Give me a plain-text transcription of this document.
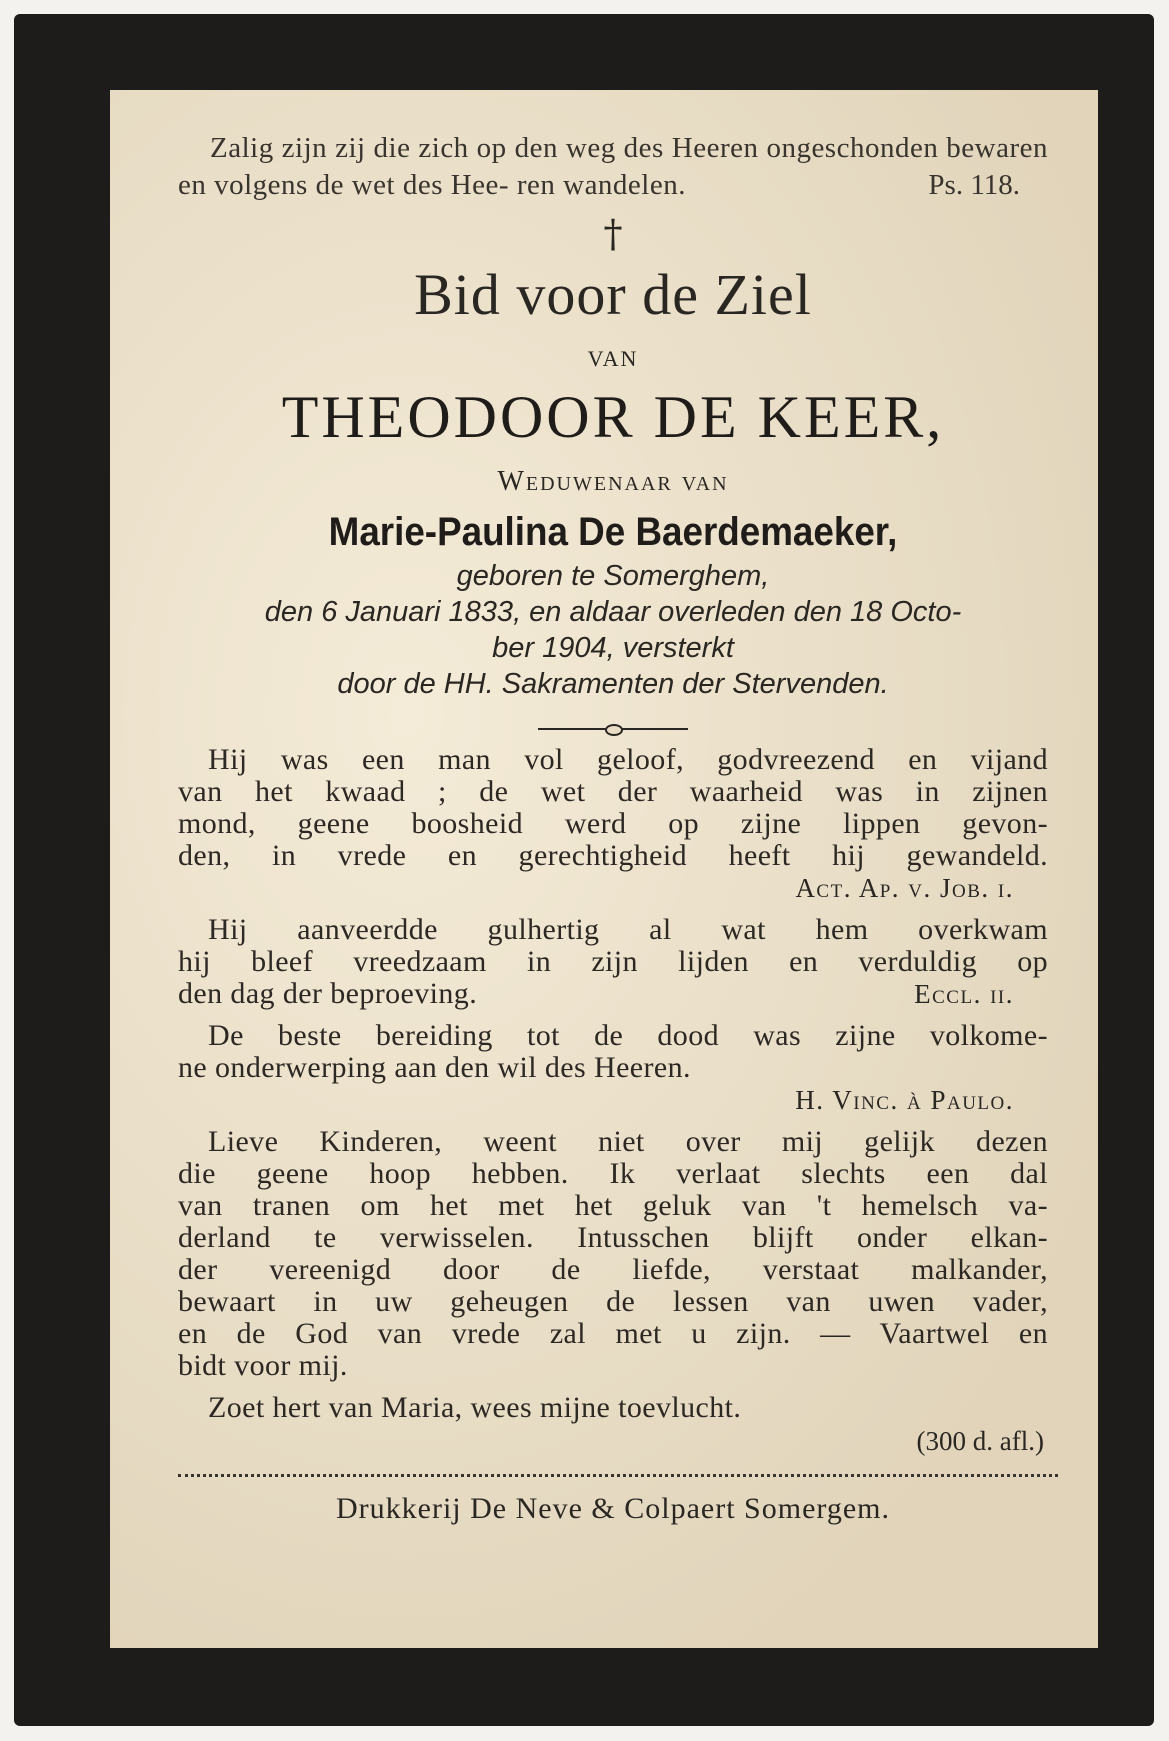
Zalig zijn zij die zich op den weg des Heeren ongeschonden bewaren en volgens de wet des Hee- ren wandelen.	Ps. 118.
†
Bid voor de Ziel
VAN
THEODOOR DE KEER,
Weduwenaar van
Marie-Paulina De Baerdemaeker,
geboren te Somerghem,
den 6 Januari 1833, en aldaar overleden den 18 Octo-
ber 1904, versterkt
door de HH. Sakramenten der Stervenden.
Hij was een man vol geloof, godvreezend en vijand
van het kwaad ; de wet der waarheid was in zijnen
mond, geene boosheid werd op zijne lippen gevon-
den, in vrede en gerechtigheid heeft hij gewandeld.
Act. Ap. v. Job. i.
Hij aanveerdde gulhertig al wat hem overkwam
hij bleef vreedzaam in zijn lijden en verduldig op
den dag der beproeving.	Eccl. ii.
De beste bereiding tot de dood was zijne volkome-
ne onderwerping aan den wil des Heeren.
H. Vinc. à Paulo.
Lieve Kinderen, weent niet over mij gelijk dezen
die geene hoop hebben. Ik verlaat slechts een dal
van tranen om het met het geluk van 't hemelsch va-
derland te verwisselen. Intusschen blijft onder elkan-
der vereenigd door de liefde, verstaat malkander,
bewaart in uw geheugen de lessen van uwen vader,
en de God van vrede zal met u zijn. — Vaartwel en
bidt voor mij.
Zoet hert van Maria, wees mijne toevlucht.
(300 d. afl.)
Drukkerij De Neve & Colpaert Somergem.
